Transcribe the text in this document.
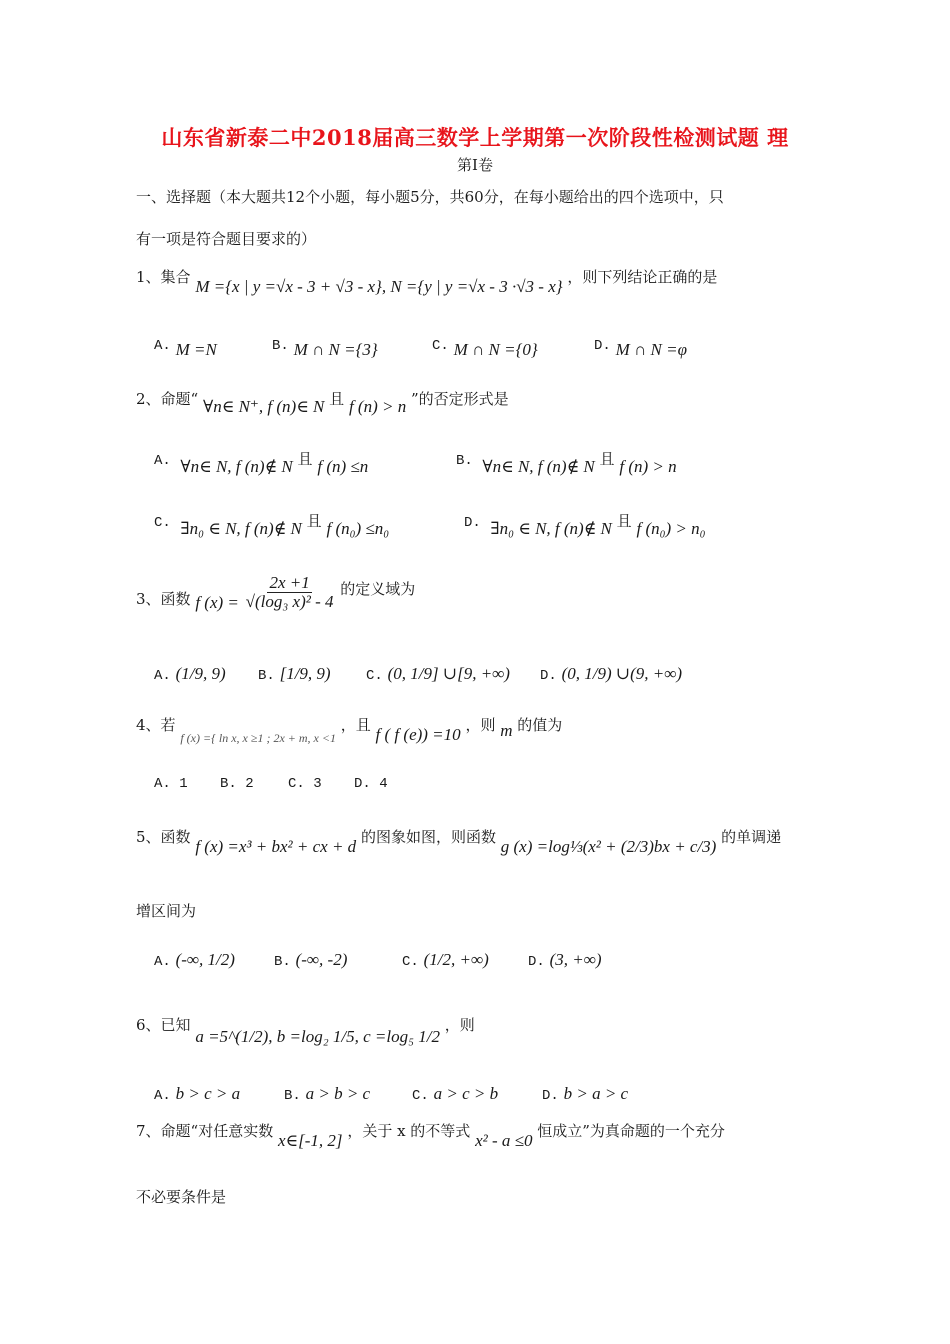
山东省新泰二中2018届高三数学上学期第一次阶段性检测试题 理
第Ⅰ卷
一、选择题（本大题共12个小题，每小题5分，共60分，在每小题给出的四个选项中，只
有一项是符合题目要求的）
1、集合 M ={x | y =√x - 3 + √3 - x}, N ={y | y =√x - 3 ·√3 - x} ，则下列结论正确的是
A. M =N	B. M ∩ N ={3}	C. M ∩ N ={0}	D. M ∩ N =φ
2、命题“ ∀n∈ N⁺, f (n)∈ N 且 f (n) > n ”的否定形式是
A. ∀n∈ N, f (n)∉ N 且 f (n) ≤n	B. ∀n∈ N, f (n)∉ N 且 f (n) > n
C. ∃n₀ ∈ N, f (n)∉ N 且 f (n₀) ≤n₀	D. ∃n₀ ∈ N, f (n)∉ N 且 f (n₀) > n₀
3、函数 f $(x) = \frac{2x +1}{\text{√(log₃ x)² - 4}}$ 的定义域为
A. (1/9, 9) B. [1/9, 9)	C. (0, 1/9] ∪[9, +∞) D. (0, 1/9) ∪(9, +∞)
4、若 $_{f (x) =\{ ln x, x \ge 1 ; 2x + m, x <1}$ ，且 f ( f (e)) =10 ，则 m 的值为
A. 1 B. 2 C. 3 D. 4
5、函数 f (x) =x³ + bx² + cx + d 的图象如图，则函数 g (x) =log⅓(x² + (2/3)bx + c/3) 的单调递
增区间为
A. (-∞, 1/2)	B. (-∞, -2)	C. (1/2, +∞)	D. (3, +∞)
6、已知 a =5^(1/2), b =log₂ 1/5, c =log₅ 1/2 ，则
A. b > c > a	B. a > b > c	C. a > c > b	D. b > a > c
7、命题“对任意实数 x∈[-1, 2] ，关于 x 的不等式 x² - a ≤0 恒成立”为真命题的一个充分
不必要条件是
